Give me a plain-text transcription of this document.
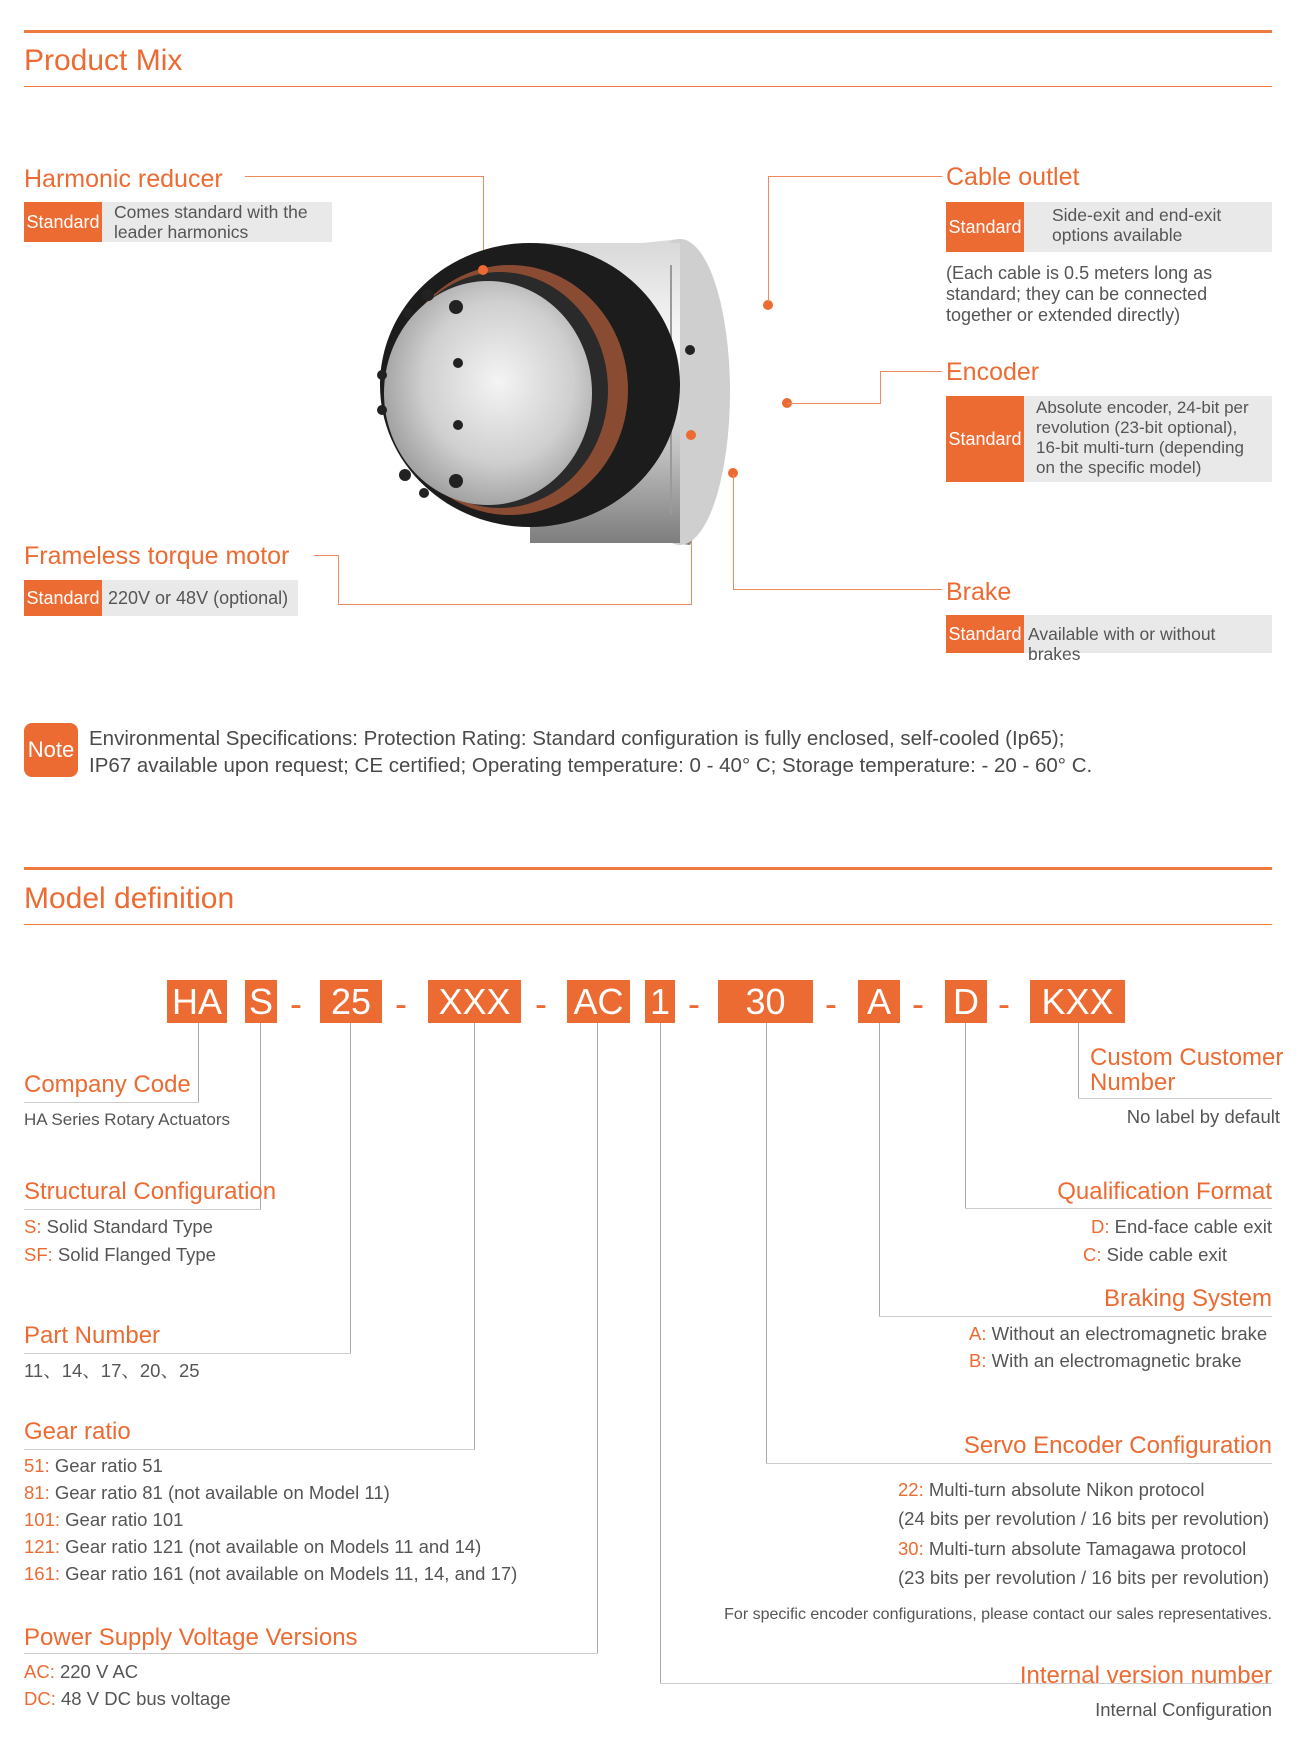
Product Mix
Harmonic reducer
Standard Comes standard with the
leader harmonics
Frameless torque motor
Standard 220V or 48V (optional)
Cable outlet
Standard
Side-exit and end-exit
options available
(Each cable is 0.5 meters long as
standard; they can be connected
together or extended directly)
Encoder
Standard
Absolute encoder, 24-bit per
revolution (23-bit optional),
16-bit multi-turn (depending
on the specific model)
Brake
Standard Available with or without brakes
Note Environmental Specifications: Protection Rating: Standard configuration is fully enclosed, self-cooled (Ip65);
IP67 available upon request; CE certified; Operating temperature: 0 - 40° C; Storage temperature: - 20 - 60° C.
Model definition
HA S - 25 - XXX - AC 1 -	30	- A - D - KXX
Company Code
HA Series Rotary Actuators
Structural Configuration
S: Solid Standard Type
SF: Solid Flanged Type
Part Number
11、14、17、20、25
Gear ratio
51: Gear ratio 51
81: Gear ratio 81 (not available on Model 11)
101: Gear ratio 101
121: Gear ratio 121 (not available on Models 11 and 14)
161: Gear ratio 161 (not available on Models 11, 14, and 17)
Power Supply Voltage Versions
AC: 220 V AC
DC: 48 V DC bus voltage
Custom Customer
Number
No label by default
Qualification Format
D: End-face cable exit
C: Side cable exit
Braking System
A: Without an electromagnetic brake
B: With an electromagnetic brake
Servo Encoder Configuration
22: Multi-turn absolute Nikon protocol
(24 bits per revolution / 16 bits per revolution)
30: Multi-turn absolute Tamagawa protocol
(23 bits per revolution / 16 bits per revolution)
For specific encoder configurations, please contact our sales representatives.
Internal version number
Internal Configuration
